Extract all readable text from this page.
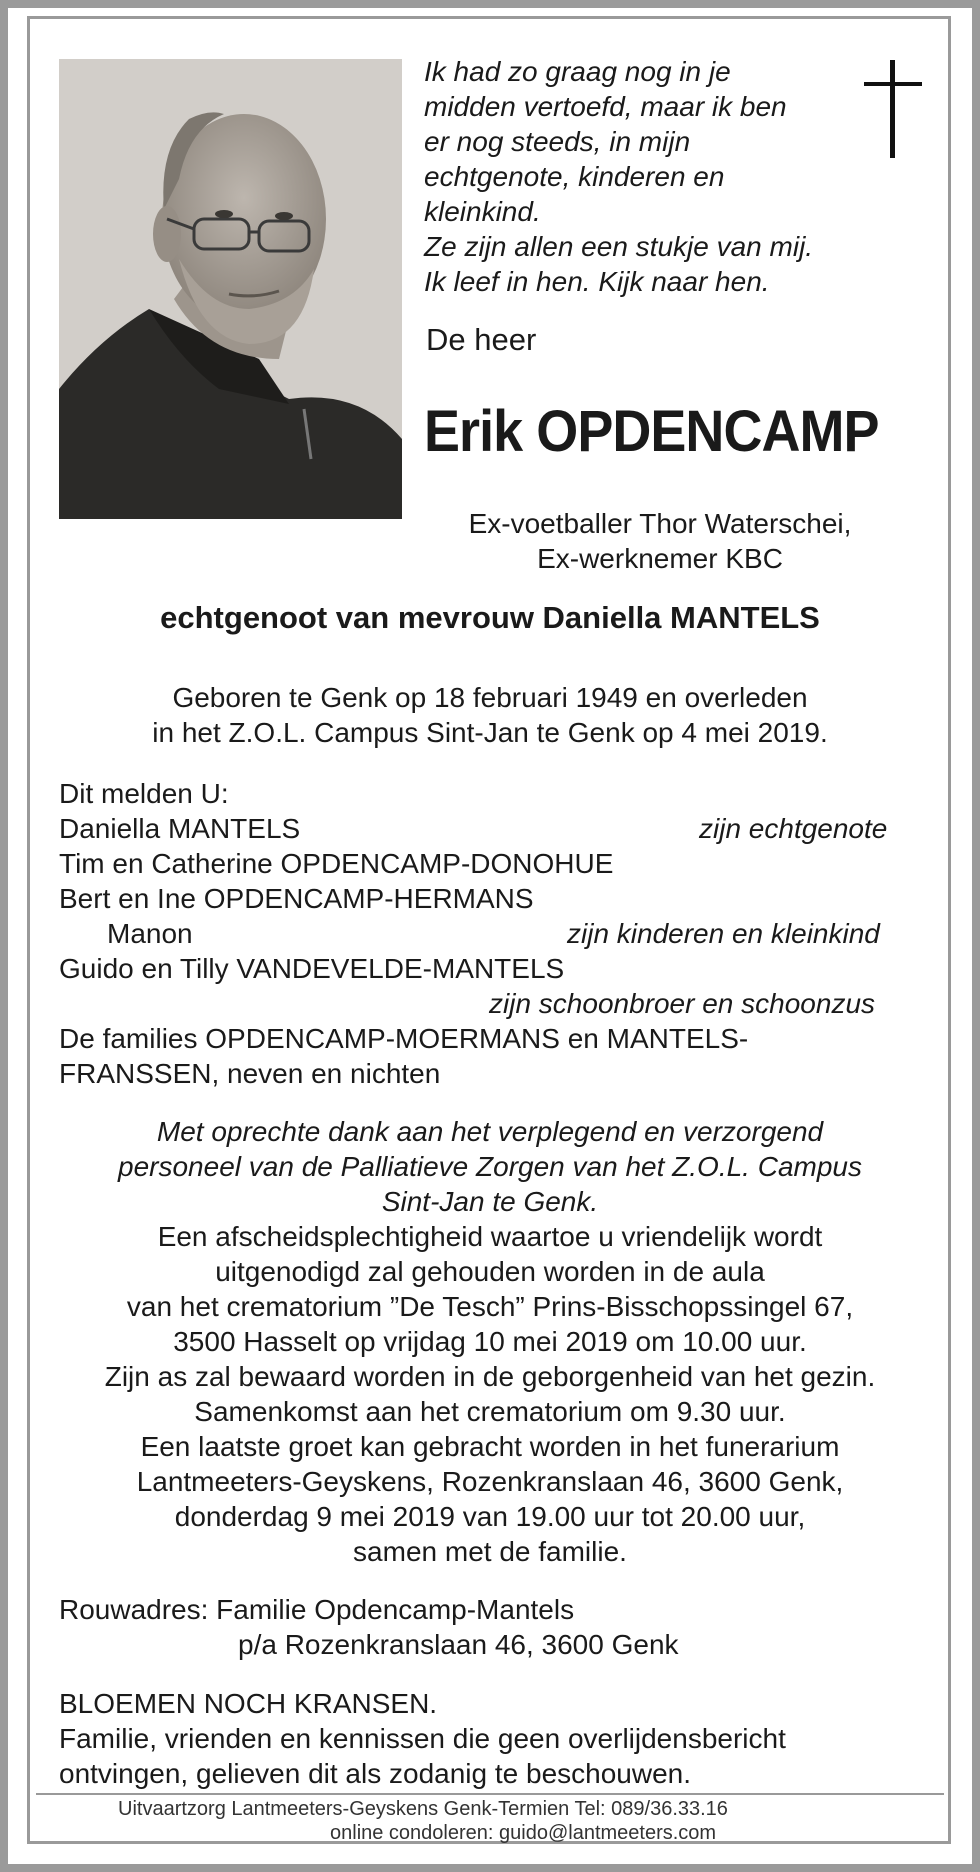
Ik had zo graag nog in je
midden vertoefd, maar ik ben
er nog steeds, in mijn
echtgenote, kinderen en
kleinkind.
Ze zijn allen een stukje van mij.
Ik leef in hen. Kijk naar hen.
De heer
Erik OPDENCAMP
Ex-voetballer Thor Waterschei,
Ex-werknemer KBC
echtgenoot van mevrouw Daniella MANTELS
Geboren te Genk op 18 februari 1949 en overleden
in het Z.O.L. Campus Sint-Jan te Genk op 4 mei 2019.
Dit melden U:
Daniella MANTELS	zijn echtgenote
Tim en Catherine OPDENCAMP-DONOHUE
Bert en Ine OPDENCAMP-HERMANS
Manon	zijn kinderen en kleinkind
Guido en Tilly VANDEVELDE-MANTELS
zijn schoonbroer en schoonzus
De families OPDENCAMP-MOERMANS en MANTELS-
FRANSSEN, neven en nichten
Met oprechte dank aan het verplegend en verzorgend
personeel van de Palliatieve Zorgen van het Z.O.L. Campus
Sint-Jan te Genk.
Een afscheidsplechtigheid waartoe u vriendelijk wordt
uitgenodigd zal gehouden worden in de aula
van het crematorium ”De Tesch” Prins-Bisschopssingel 67,
3500 Hasselt op vrijdag 10 mei 2019 om 10.00 uur.
Zijn as zal bewaard worden in de geborgenheid van het gezin.
Samenkomst aan het crematorium om 9.30 uur.
Een laatste groet kan gebracht worden in het funerarium
Lantmeeters-Geyskens, Rozenkranslaan 46, 3600 Genk,
donderdag 9 mei 2019 van 19.00 uur tot 20.00 uur,
samen met de familie.
Rouwadres: Familie Opdencamp-Mantels
p/a Rozenkranslaan 46, 3600 Genk
BLOEMEN NOCH KRANSEN.
Familie, vrienden en kennissen die geen overlijdensbericht
ontvingen, gelieven dit als zodanig te beschouwen.
Uitvaartzorg Lantmeeters-Geyskens Genk-Termien Tel: 089/36.33.16
online condoleren: guido@lantmeeters.com
